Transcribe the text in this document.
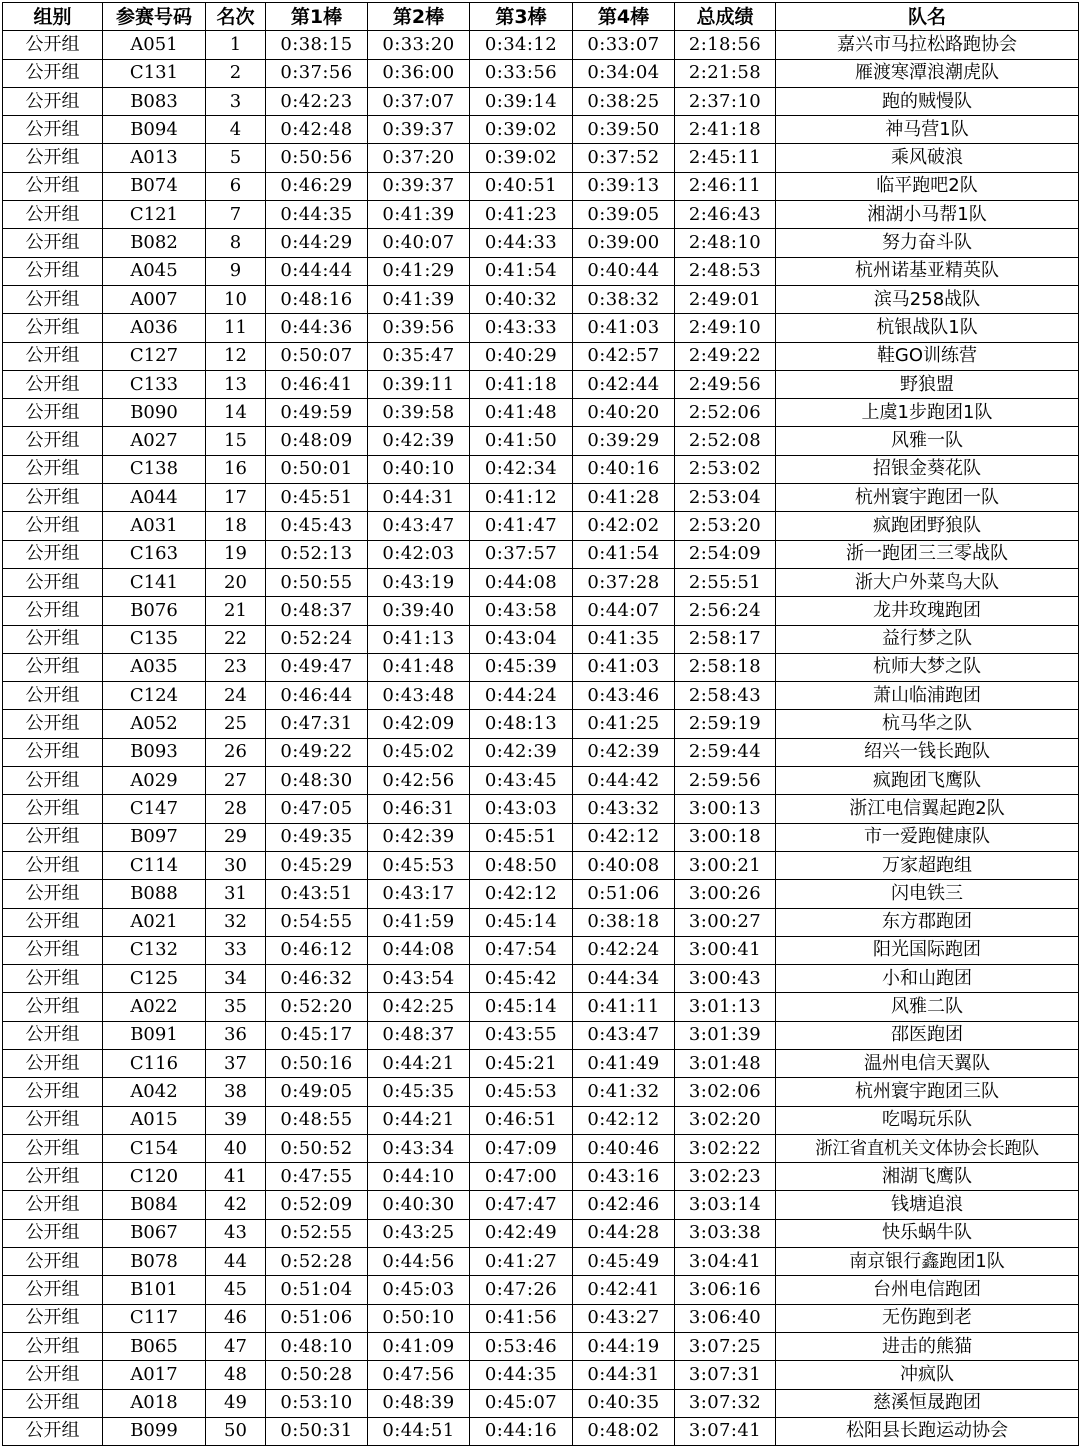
组别	参赛号码	名次	第1棒	第2棒	第3棒	第4棒	总成绩	队名
公开组	A051	1	0:38:15	0:33:20	0:34:12	0:33:07	2:18:56	嘉兴市马拉松路跑协会
公开组	C131	2	0:37:56	0:36:00	0:33:56	0:34:04	2:21:58	雁渡寒潭浪潮虎队
公开组	B083	3	0:42:23	0:37:07	0:39:14	0:38:25	2:37:10	跑的贼慢队
公开组	B094	4	0:42:48	0:39:37	0:39:02	0:39:50	2:41:18	神马营1队
公开组	A013	5	0:50:56	0:37:20	0:39:02	0:37:52	2:45:11	乘风破浪
公开组	B074	6	0:46:29	0:39:37	0:40:51	0:39:13	2:46:11	临平跑吧2队
公开组	C121	7	0:44:35	0:41:39	0:41:23	0:39:05	2:46:43	湘湖小马帮1队
公开组	B082	8	0:44:29	0:40:07	0:44:33	0:39:00	2:48:10	努力奋斗队
公开组	A045	9	0:44:44	0:41:29	0:41:54	0:40:44	2:48:53	杭州诺基亚精英队
公开组	A007	10	0:48:16	0:41:39	0:40:32	0:38:32	2:49:01	滨马258战队
公开组	A036	11	0:44:36	0:39:56	0:43:33	0:41:03	2:49:10	杭银战队1队
公开组	C127	12	0:50:07	0:35:47	0:40:29	0:42:57	2:49:22	鞋GO训练营
公开组	C133	13	0:46:41	0:39:11	0:41:18	0:42:44	2:49:56	野狼盟
公开组	B090	14	0:49:59	0:39:58	0:41:48	0:40:20	2:52:06	上虞1步跑团1队
公开组	A027	15	0:48:09	0:42:39	0:41:50	0:39:29	2:52:08	风雅一队
公开组	C138	16	0:50:01	0:40:10	0:42:34	0:40:16	2:53:02	招银金葵花队
公开组	A044	17	0:45:51	0:44:31	0:41:12	0:41:28	2:53:04	杭州寰宇跑团一队
公开组	A031	18	0:45:43	0:43:47	0:41:47	0:42:02	2:53:20	疯跑团野狼队
公开组	C163	19	0:52:13	0:42:03	0:37:57	0:41:54	2:54:09	浙一跑团三三零战队
公开组	C141	20	0:50:55	0:43:19	0:44:08	0:37:28	2:55:51	浙大户外菜鸟大队
公开组	B076	21	0:48:37	0:39:40	0:43:58	0:44:07	2:56:24	龙井玫瑰跑团
公开组	C135	22	0:52:24	0:41:13	0:43:04	0:41:35	2:58:17	益行梦之队
公开组	A035	23	0:49:47	0:41:48	0:45:39	0:41:03	2:58:18	杭师大梦之队
公开组	C124	24	0:46:44	0:43:48	0:44:24	0:43:46	2:58:43	萧山临浦跑团
公开组	A052	25	0:47:31	0:42:09	0:48:13	0:41:25	2:59:19	杭马华之队
公开组	B093	26	0:49:22	0:45:02	0:42:39	0:42:39	2:59:44	绍兴一钱长跑队
公开组	A029	27	0:48:30	0:42:56	0:43:45	0:44:42	2:59:56	疯跑团飞鹰队
公开组	C147	28	0:47:05	0:46:31	0:43:03	0:43:32	3:00:13	浙江电信翼起跑2队
公开组	B097	29	0:49:35	0:42:39	0:45:51	0:42:12	3:00:18	市一爱跑健康队
公开组	C114	30	0:45:29	0:45:53	0:48:50	0:40:08	3:00:21	万家超跑组
公开组	B088	31	0:43:51	0:43:17	0:42:12	0:51:06	3:00:26	闪电铁三
公开组	A021	32	0:54:55	0:41:59	0:45:14	0:38:18	3:00:27	东方郡跑团
公开组	C132	33	0:46:12	0:44:08	0:47:54	0:42:24	3:00:41	阳光国际跑团
公开组	C125	34	0:46:32	0:43:54	0:45:42	0:44:34	3:00:43	小和山跑团
公开组	A022	35	0:52:20	0:42:25	0:45:14	0:41:11	3:01:13	风雅二队
公开组	B091	36	0:45:17	0:48:37	0:43:55	0:43:47	3:01:39	邵医跑团
公开组	C116	37	0:50:16	0:44:21	0:45:21	0:41:49	3:01:48	温州电信天翼队
公开组	A042	38	0:49:05	0:45:35	0:45:53	0:41:32	3:02:06	杭州寰宇跑团三队
公开组	A015	39	0:48:55	0:44:21	0:46:51	0:42:12	3:02:20	吃喝玩乐队
公开组	C154	40	0:50:52	0:43:34	0:47:09	0:40:46	3:02:22	浙江省直机关文体协会长跑队
公开组	C120	41	0:47:55	0:44:10	0:47:00	0:43:16	3:02:23	湘湖飞鹰队
公开组	B084	42	0:52:09	0:40:30	0:47:47	0:42:46	3:03:14	钱塘追浪
公开组	B067	43	0:52:55	0:43:25	0:42:49	0:44:28	3:03:38	快乐蜗牛队
公开组	B078	44	0:52:28	0:44:56	0:41:27	0:45:49	3:04:41	南京银行鑫跑团1队
公开组	B101	45	0:51:04	0:45:03	0:47:26	0:42:41	3:06:16	台州电信跑团
公开组	C117	46	0:51:06	0:50:10	0:41:56	0:43:27	3:06:40	无伤跑到老
公开组	B065	47	0:48:10	0:41:09	0:53:46	0:44:19	3:07:25	进击的熊猫
公开组	A017	48	0:50:28	0:47:56	0:44:35	0:44:31	3:07:31	冲疯队
公开组	A018	49	0:53:10	0:48:39	0:45:07	0:40:35	3:07:32	慈溪恒晟跑团
公开组	B099	50	0:50:31	0:44:51	0:44:16	0:48:02	3:07:41	松阳县长跑运动协会
